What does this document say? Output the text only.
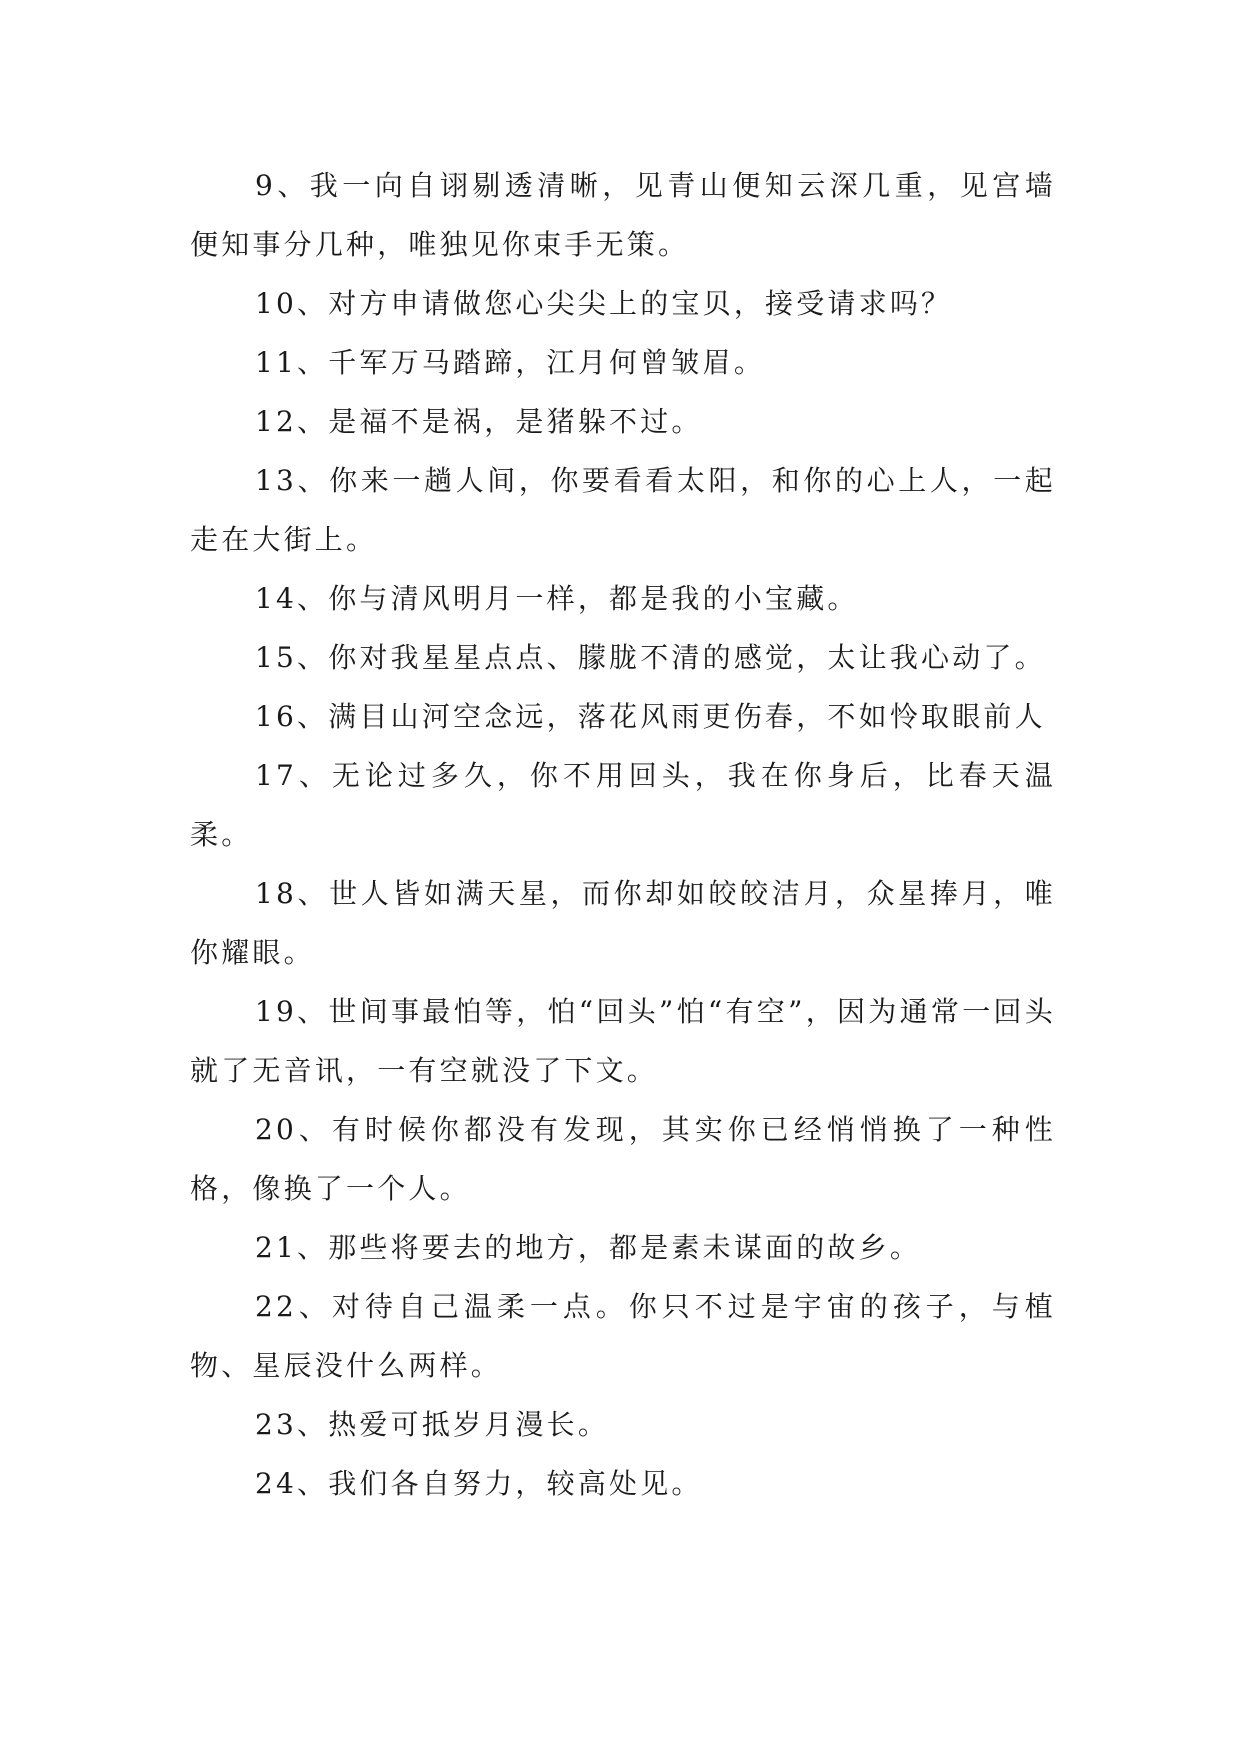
9、我一向自诩剔透清晰，见青山便知云深几重，见宫墙便知事分几种，唯独见你束手无策。

10、对方申请做您心尖尖上的宝贝，接受请求吗？

11、千军万马踏蹄，江月何曾皱眉。

12、是福不是祸，是猪躲不过。

13、你来一趟人间，你要看看太阳，和你的心上人，一起走在大街上。

14、你与清风明月一样，都是我的小宝藏。

15、你对我星星点点、朦胧不清的感觉，太让我心动了。

16、满目山河空念远，落花风雨更伤春，不如怜取眼前人

17、无论过多久，你不用回头，我在你身后，比春天温柔。

18、世人皆如满天星，而你却如皎皎洁月，众星捧月，唯你耀眼。

19、世间事最怕等，怕“回头”怕“有空”，因为通常一回头就了无音讯，一有空就没了下文。

20、有时候你都没有发现，其实你已经悄悄换了一种性格，像换了一个人。

21、那些将要去的地方，都是素未谋面的故乡。

22、对待自己温柔一点。你只不过是宇宙的孩子，与植物、星辰没什么两样。

23、热爱可抵岁月漫长。

24、我们各自努力，较高处见。
